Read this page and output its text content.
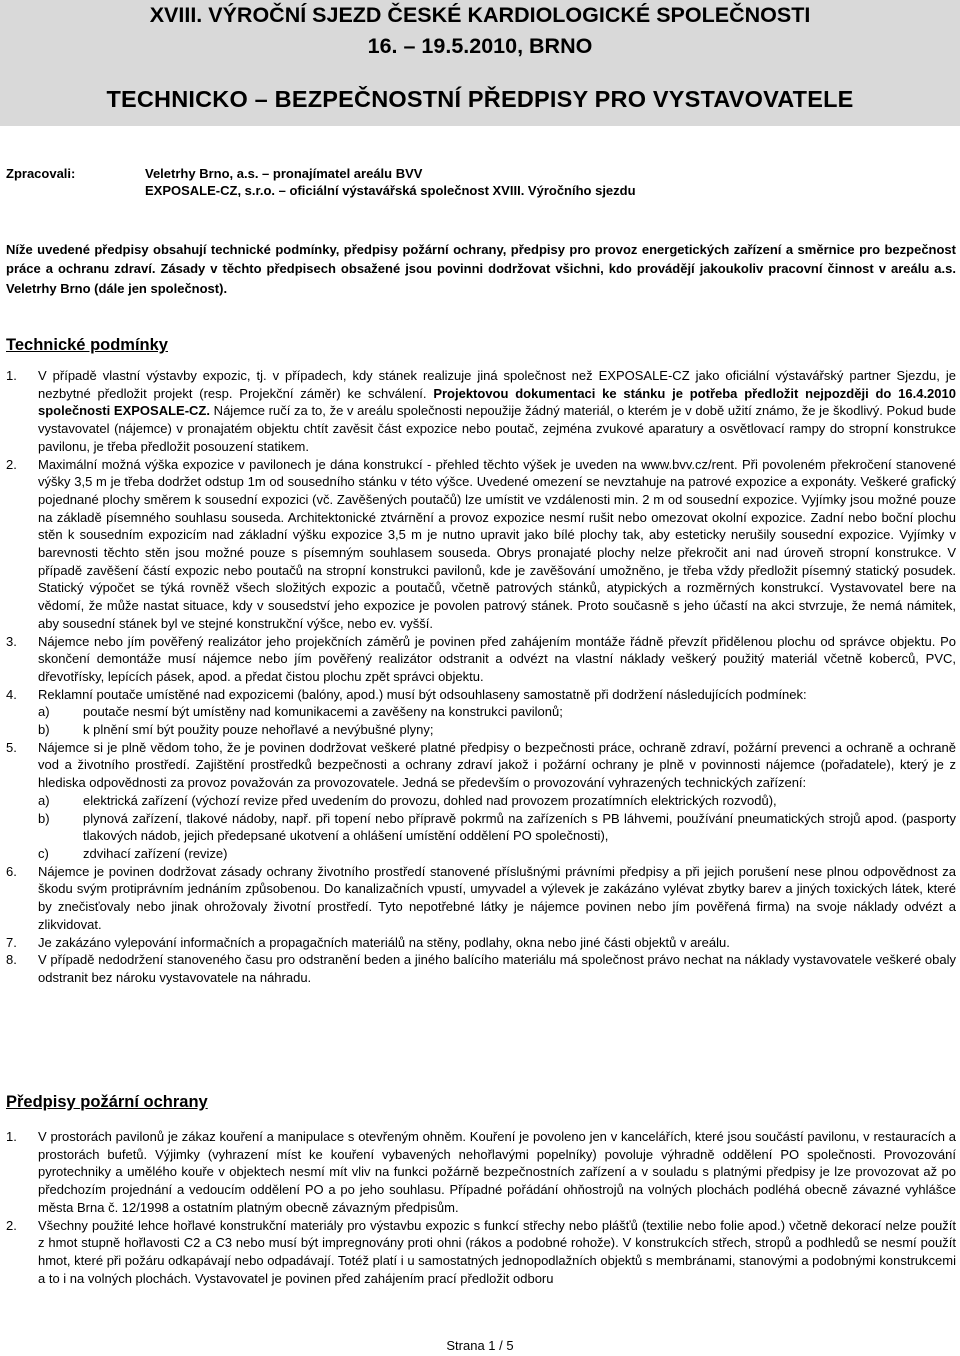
XVIII. VÝROČNÍ SJEZD ČESKÉ KARDIOLOGICKÉ SPOLEČNOSTI
16. – 19.5.2010, BRNO
TECHNICKO – BEZPEČNOSTNÍ PŘEDPISY PRO VYSTAVOVATELE
Zpracovali:	Veletrhy Brno, a.s. – pronajímatel areálu BVV
EXPOSALE-CZ, s.r.o. – oficiální výstavářská společnost XVIII. Výročního sjezdu
Níže uvedené předpisy obsahují technické podmínky, předpisy požární ochrany, předpisy pro provoz energetických zařízení a směrnice pro bezpečnost práce a ochranu zdraví. Zásady v těchto předpisech obsažené jsou povinni dodržovat všichni, kdo provádějí jakoukoliv pracovní činnost v areálu a.s. Veletrhy Brno (dále jen společnost).
Technické podmínky
1. V případě vlastní výstavby expozic, tj. v případech, kdy stánek realizuje jiná společnost než EXPOSALE-CZ jako oficiální výstavářský partner Sjezdu, je nezbytné předložit projekt (resp. Projekční záměr) ke schválení. Projektovou dokumentaci ke stánku je potřeba předložit nejpozději do 16.4.2010 společnosti EXPOSALE-CZ. Nájemce ručí za to, že v areálu společnosti nepoužije žádný materiál, o kterém je v době užití známo, že je škodlivý. Pokud bude vystavovatel (nájemce) v pronajatém objektu chtít zavěsit část expozice nebo poutač, zejména zvukové aparatury a osvětlovací rampy do stropní konstrukce pavilonu, je třeba předložit posouzení statikem.
2. Maximální možná výška expozice v pavilonech je dána konstrukcí - přehled těchto výšek je uveden na www.bvv.cz/rent. Při povoleném překročení stanovené výšky 3,5 m je třeba dodržet odstup 1m od sousedního stánku v této výšce. Uvedené omezení se nevztahuje na patrové expozice a exponáty. Veškeré grafický pojednané plochy směrem k sousední expozici (vč. Zavěšených poutačů) lze umístit ve vzdálenosti min. 2 m od sousední expozice. Vyjímky jsou možné pouze na základě písemného souhlasu souseda. Architektonické ztvárnění a provoz expozice nesmí rušit nebo omezovat okolní expozice. Zadní nebo boční plochu stěn k sousedním expozicím nad základní výšku expozice 3,5 m je nutno upravit jako bílé plochy tak, aby esteticky nerušily sousední expozice. Vyjímky v barevnosti těchto stěn jsou možné pouze s písemným souhlasem souseda. Obrys pronajaté plochy nelze překročit ani nad úroveň stropní konstrukce. V případě zavěšení částí expozic nebo poutačů na stropní konstrukci pavilonů, kde je zavěšování umožněno, je třeba vždy předložit písemný statický posudek. Statický výpočet se týká rovněž všech složitých expozic a poutačů, včetně patrových stánků, atypických a rozměrných konstrukcí. Vystavovatel bere na vědomí, že může nastat situace, kdy v sousedství jeho expozice je povolen patrový stánek. Proto současně s jeho účastí na akci stvrzuje, že nemá námitek, aby sousední stánek byl ve stejné konstrukční výšce, nebo ev. vyšší.
3. Nájemce nebo jím pověřený realizátor jeho projekčních záměrů je povinen před zahájením montáže řádně převzít přidělenou plochu od správce objektu. Po skončení demontáže musí nájemce nebo jím pověřený realizátor odstranit a odvézt na vlastní náklady veškerý použitý materiál včetně koberců, PVC, dřevotřísky, lepících pásek, apod. a předat čistou plochu zpět správci objektu.
4. Reklamní poutače umístěné nad expozicemi (balóny, apod.) musí být odsouhlaseny samostatně při dodržení následujících podmínek:
a)	poutače nesmí být umístěny nad komunikacemi a zavěšeny na konstrukci pavilonů;
b)	k plnění smí být použity pouze nehořlavé a nevýbušné plyny;
5. Nájemce si je plně vědom toho, že je povinen dodržovat veškeré platné předpisy o bezpečnosti práce, ochraně zdraví, požární prevenci a ochraně a ochraně vod a životního prostředí. Zajištění prostředků bezpečnosti a ochrany zdraví jakož i požární ochrany je plně v povinnosti nájemce (pořadatele), který je z hlediska odpovědnosti za provoz považován za provozovatele. Jedná se především o provozování vyhrazených technických zařízení:
a)	elektrická zařízení (výchozí revize před uvedením do provozu, dohled nad provozem prozatímních elektrických rozvodů),
b)	plynová zařízení, tlakové nádoby, např. při topení nebo přípravě pokrmů na zařízeních s PB láhvemi, používání pneumatických strojů apod. (pasporty tlakových nádob, jejich předepsané ukotvení a ohlášení umístění oddělení PO společnosti),
c)	zdvihací zařízení (revize)
6. Nájemce je povinen dodržovat zásady ochrany životního prostředí stanovené příslušnými právními předpisy a při jejich porušení nese plnou odpovědnost za škodu svým protiprávním jednáním způsobenou. Do kanalizačních vpustí, umyvadel a výlevek je zakázáno vylévat zbytky barev a jiných toxických látek, které by znečisťovaly nebo jinak ohrožovaly životní prostředí. Tyto nepotřebné látky je nájemce povinen nebo jím pověřená firma) na svoje náklady odvézt a zlikvidovat.
7. Je zakázáno vylepování informačních a propagačních materiálů na stěny, podlahy, okna nebo jiné části objektů v areálu.
8. V případě nedodržení stanoveného času pro odstranění beden a jiného balícího materiálu má společnost právo nechat na náklady vystavovatele veškeré obaly odstranit bez nároku vystavovatele na náhradu.
Předpisy požární ochrany
1. V prostorách pavilonů je zákaz kouření a manipulace s otevřeným ohněm. Kouření je povoleno jen v kancelářích, které jsou součástí pavilonu, v restauracích a prostorách bufetů. Výjimky (vyhrazení míst ke kouření vybavených nehořlavými popelníky) povoluje výhradně oddělení PO společnosti. Provozování pyrotechniky a umělého kouře v objektech nesmí mít vliv na funkci požárně bezpečnostních zařízení a v souladu s platnými předpisy je lze provozovat až po předchozím projednání a vedoucím oddělení PO a po jeho souhlasu. Případné pořádání ohňostrojů na volných plochách podléhá obecně závazné vyhlášce města Brna č. 12/1998 a ostatním platným obecně závazným předpisům.
2. Všechny použité lehce hořlavé konstrukční materiály pro výstavbu expozic s funkcí střechy nebo plášťů (textilie nebo folie apod.) včetně dekorací nelze použít z hmot stupně hořlavosti C2 a C3 nebo musí být impregnovány proti ohni (rákos a podobné rohože). V konstrukcích střech, stropů a podhledů se nesmí použít hmot, které při požáru odkapávají nebo odpadávají. Totéž platí i u samostatných jednopodlažních objektů s membránami, stanovými a podobnými konstrukcemi a to i na volných plochách. Vystavovatel je povinen před zahájením prací předložit odboru
Strana 1 / 5
